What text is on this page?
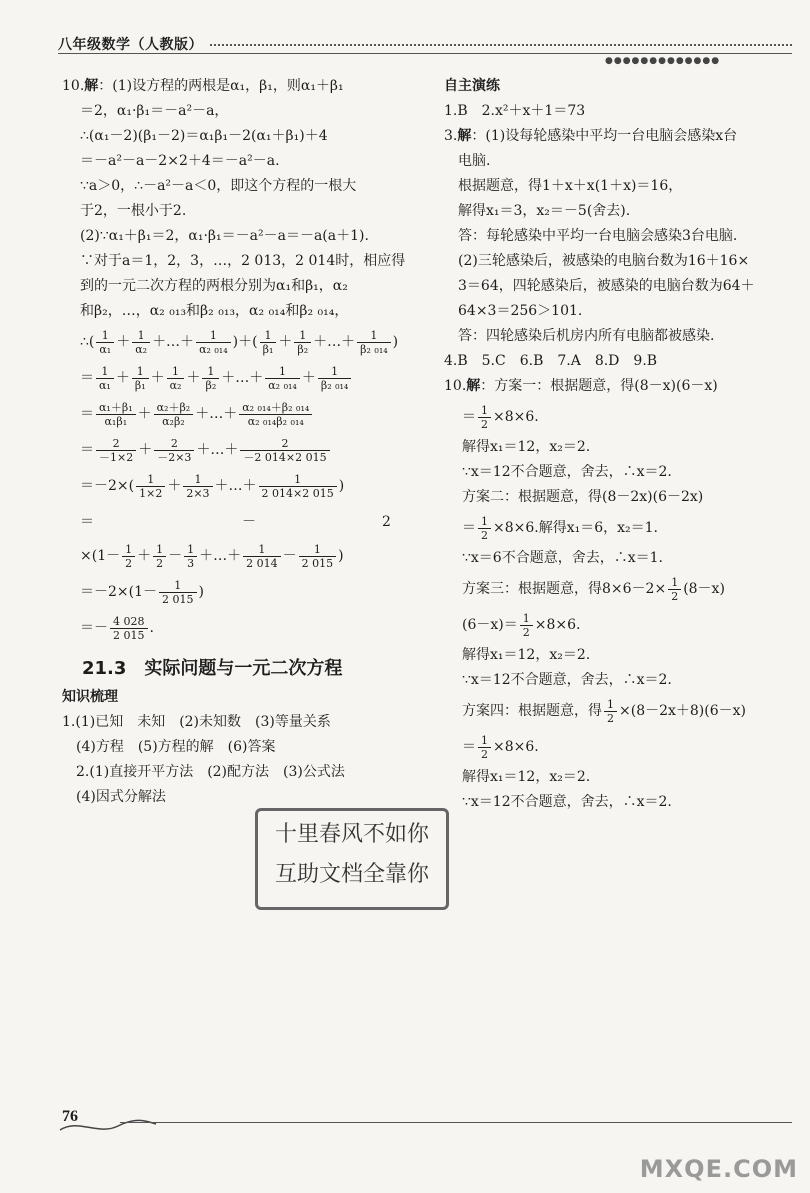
八年级数学（人教版）
●●●●●●●●●●●●●
10.解：(1)设方程的两根是α₁，β₁，则α₁＋β₁
＝2，α₁·β₁＝－a²－a，
∴(α₁－2)(β₁－2)＝α₁β₁－2(α₁＋β₁)＋4
＝－a²－a－2×2＋4＝－a²－a.
∵a＞0，∴－a²－a＜0，即这个方程的一根大
于2，一根小于2.
(2)∵α₁＋β₁＝2，α₁·β₁＝－a²－a＝－a(a＋1).
∵对于a＝1，2，3，…，2 013，2 014时，相应得
到的一元二次方程的两根分别为α₁和β₁，α₂
和β₂，…，α₂ ₀₁₃和β₂ ₀₁₃，α₂ ₀₁₄和β₂ ₀₁₄，
∴( $\frac{1}{\text{α₁}} + \frac{1}{\text{α₂}}$ ＋…＋ $\frac{1}{\text{α₂ ₀₁₄}}$ )＋( $\frac{1}{\text{β₁}} + \frac{1}{\text{β₂}}$ ＋…＋ $\frac{1}{\text{β₂ ₀₁₄}}$ )
＝ $\frac{1}{\text{α₁}} + \frac{1}{\text{β₁}} + \frac{1}{\text{α₂}} + \frac{1}{\text{β₂}}$ ＋…＋ $\frac{1}{\text{α₂ ₀₁₄}} + \frac{1}{\text{β₂ ₀₁₄}}$
＝ $\frac{\text{α₁＋β₁}}{\text{α₁β₁}} + \frac{\text{α₂＋β₂}}{\text{α₂β₂}}$ ＋…＋ $\frac{\text{α₂ ₀₁₄＋β₂ ₀₁₄}}{\text{α₂ ₀₁₄β₂ ₀₁₄}}$
＝ $\frac{2}{-1\times 2} + \frac{2}{-2\times 3}$ ＋…＋ $\frac{2}{-2 014\times 2 015}$
$=-2\times( \frac{1}{1\times 2} + \frac{1}{2\times 3}$ ＋…＋ $\frac{1}{2 014\times 2 015}$ )
＝	－	2
$\times(1- \frac{1}{2} + \frac{1}{2} - \frac{1}{3}$ ＋…＋ $\frac{1}{2 014} - \frac{1}{2 015}$ )
$=-2\times(1- \frac{1}{2 015}$ )
＝－ $\frac{4 028}{2 015}$ .
21.3　实际问题与一元二次方程
知识梳理
1.(1)已知　未知　(2)未知数　(3)等量关系
(4)方程　(5)方程的解　(6)答案
2.(1)直接开平方法　(2)配方法　(3)公式法
(4)因式分解法
自主演练
1.B　2.x²＋x＋1＝73
3.解：(1)设每轮感染中平均一台电脑会感染x台
电脑.
根据题意，得1＋x＋x(1＋x)＝16，
解得x₁＝3，x₂＝－5(舍去).
答：每轮感染中平均一台电脑会感染3台电脑.
(2)三轮感染后，被感染的电脑台数为16＋16×
3＝64，四轮感染后，被感染的电脑台数为64＋
64×3＝256＞101.
答：四轮感染后机房内所有电脑都被感染.
4.B　5.C　6.B　7.A　8.D　9.B
10.解：方案一：根据题意，得(8－x)(6－x)
＝ $\frac{1}{2} \times 8\times 6$.
解得x₁＝12，x₂＝2.
∵x＝12不合题意，舍去，∴x＝2.
方案二：根据题意，得(8－2x)(6－2x)
＝ $\frac{1}{2} \times 8\times 6$.解得x₁＝6，x₂＝1.
∵x＝6不合题意，舍去，∴x＝1.
方案三：根据题意，得$8\times 6-2\times \frac{1}{2} (8-x)$
$(6-x)= \frac{1}{2} \times 8\times 6$.
解得x₁＝12，x₂＝2.
∵x＝12不合题意，舍去，∴x＝2.
方案四：根据题意，得 $\frac{1}{2} \times(8-2x+8)(6-x)$
＝ $\frac{1}{2} \times 8\times 6$.
解得x₁＝12，x₂＝2.
∵x＝12不合题意，舍去，∴x＝2.
十里春风不如你
互助文档全靠你
76
MXQE.COM
